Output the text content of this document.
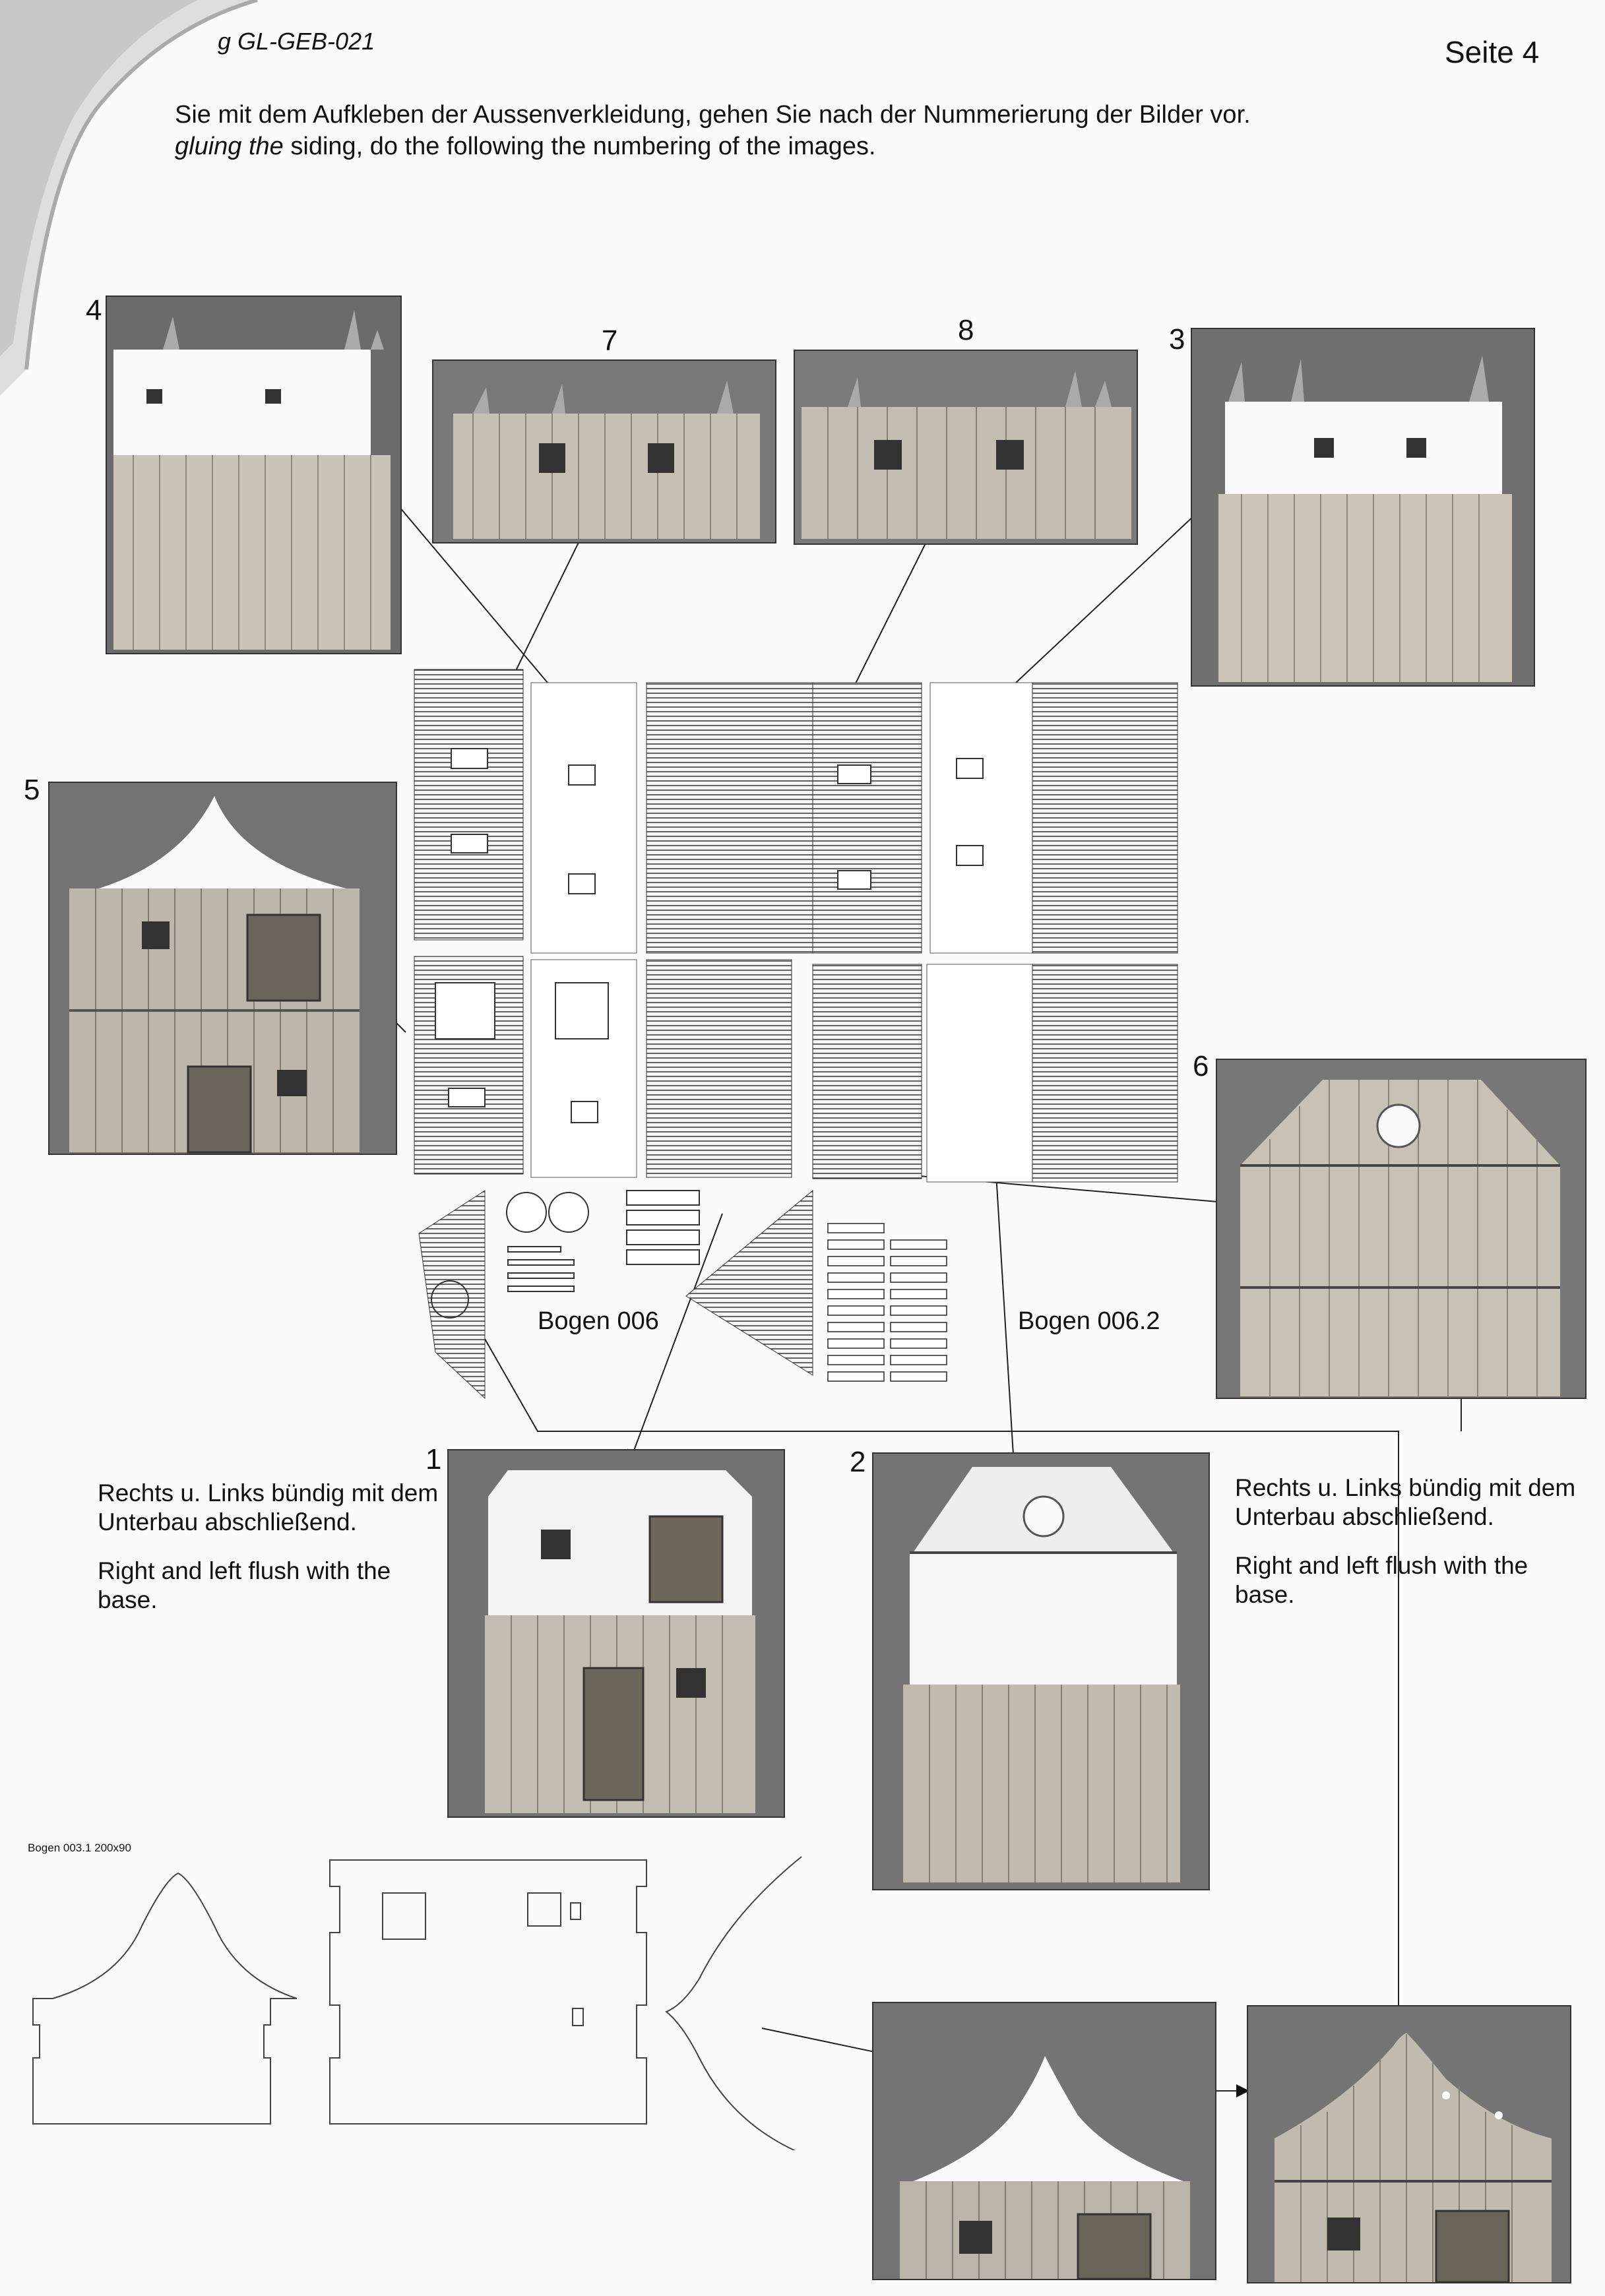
g GL-GEB-021	Seite 4
Sie mit dem Aufkleben der Aussenverkleidung, gehen Sie nach der Nummerierung der Bilder vor.
gluing the siding, do the following the numbering of the images.
4
7	8	3
5
Bogen 006	Bogen 006.2
6
1	2
Rechts u. Links bündig mit dem Unterbau abschließend.
Right and left flush with the base.
Rechts u. Links bündig mit dem Unterbau abschließend.
Right and left flush with the base.
Bogen 003.1 200x90
